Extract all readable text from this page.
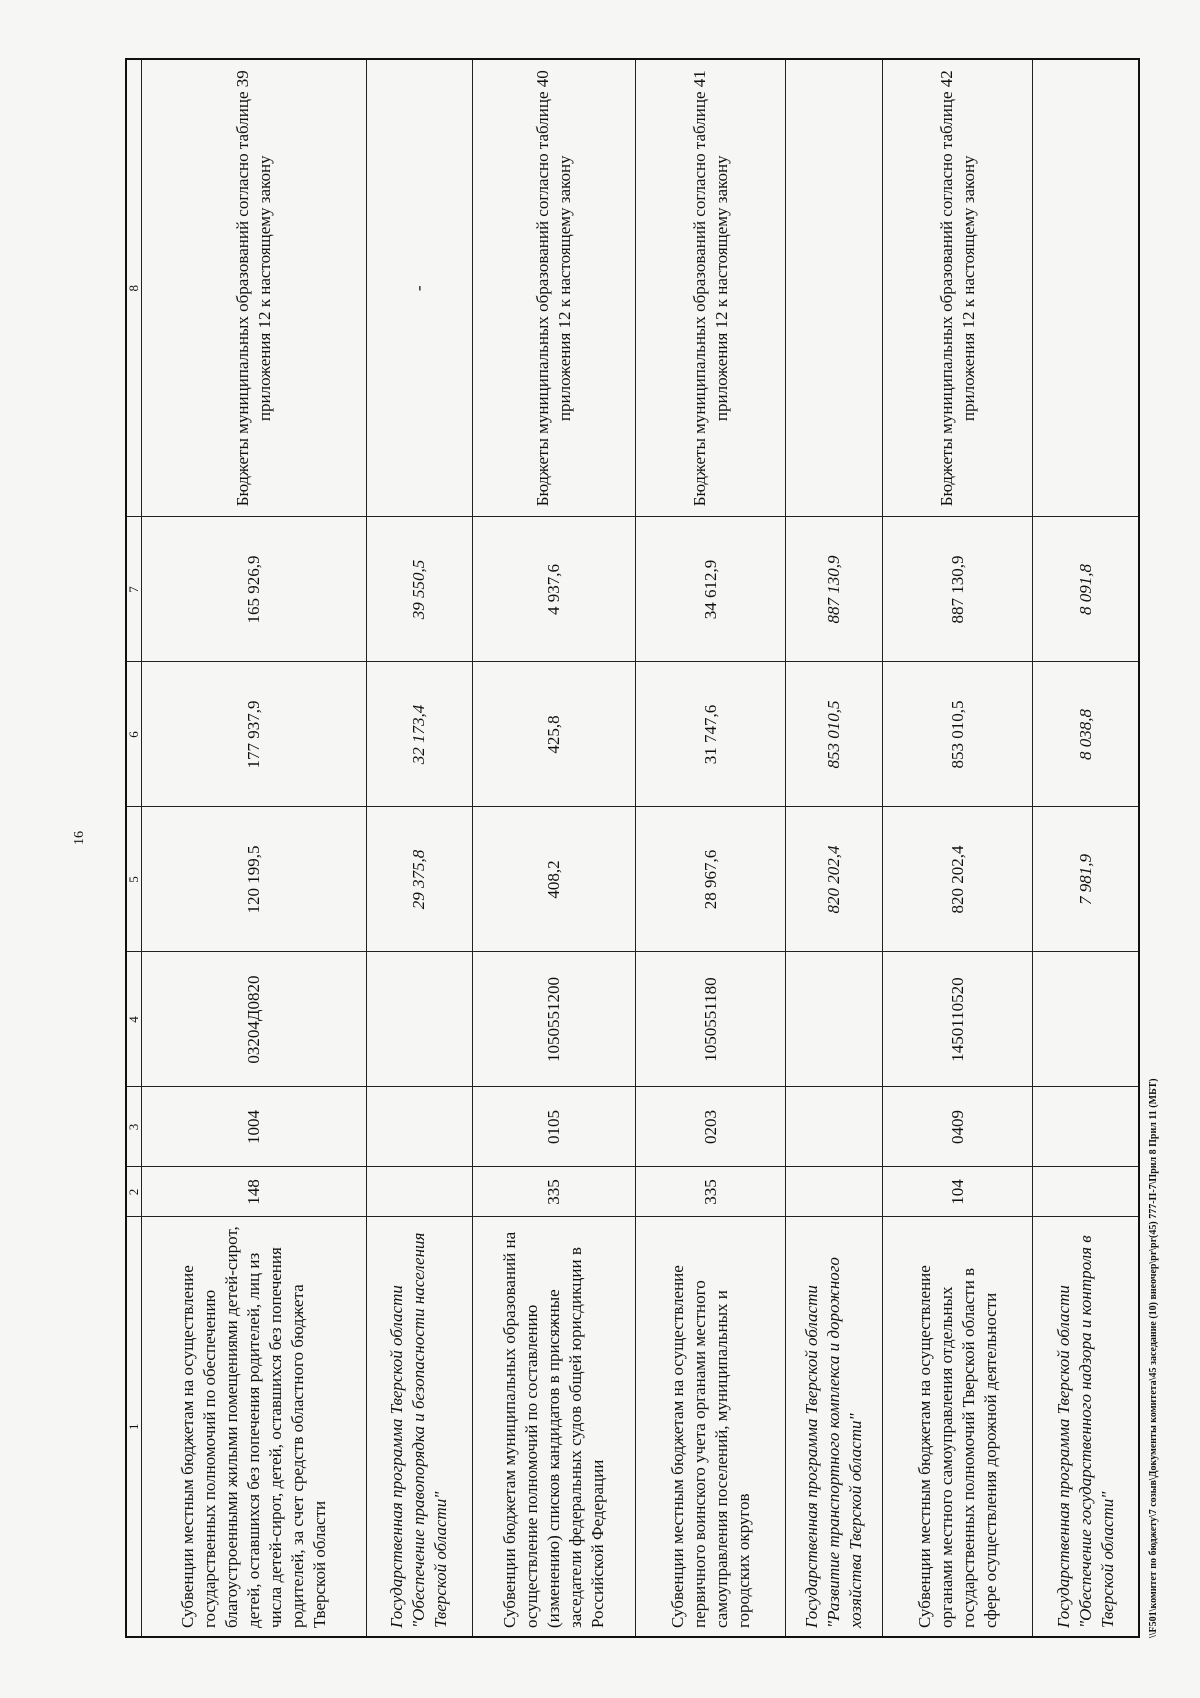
16
1	2	3	4	5	6	7	8
Субвенции местным бюджетам на осуществление государственных полномочий по обеспечению благоустроенными жилыми помещениями детей-сирот, детей, оставшихся без попечения родителей, лиц из числа детей-сирот, детей, оставшихся без попечения родителей, за счет средств областного бюджета Тверской области	148	1004	03204Д0820	120 199,5	177 937,9	165 926,9	Бюджеты муниципальных образований согласно таблице 39 приложения 12 к настоящему закону
Государственная программа Тверской области "Обеспечение правопорядка и безопасности населения Тверской области"				29 375,8	32 173,4	39 550,5	-
Субвенции бюджетам муниципальных образований на осуществление полномочий по составлению (изменению) списков кандидатов в присяжные заседатели федеральных судов общей юрисдикции в Российской Федерации	335	0105	1050551200	408,2	425,8	4 937,6	Бюджеты муниципальных образований согласно таблице 40 приложения 12 к настоящему закону
Субвенции местным бюджетам на осуществление первичного воинского учета органами местного самоуправления поселений, муниципальных и городских округов	335	0203	1050551180	28 967,6	31 747,6	34 612,9	Бюджеты муниципальных образований согласно таблице 41 приложения 12 к настоящему закону
Государственная программа Тверской области "Развитие транспортного комплекса и дорожного хозяйства Тверской области"				820 202,4	853 010,5	887 130,9	
Субвенции местным бюджетам на осуществление органами местного самоуправления отдельных государственных полномочий Тверской области в сфере осуществления дорожной деятельности	104	0409	1450110520	820 202,4	853 010,5	887 130,9	Бюджеты муниципальных образований согласно таблице 42 приложения 12 к настоящему закону
Государственная программа Тверской области "Обеспечение государственного надзора и контроля в Тверской области"				7 981,9	8 038,8	8 091,8	
\\F501\комитет по бюджету\7 созыв\Документы комитета\45 заседание (10) внеочер\pr\pr(45) 777-П-7\Прил 8 Прил 11 (МБТ)
